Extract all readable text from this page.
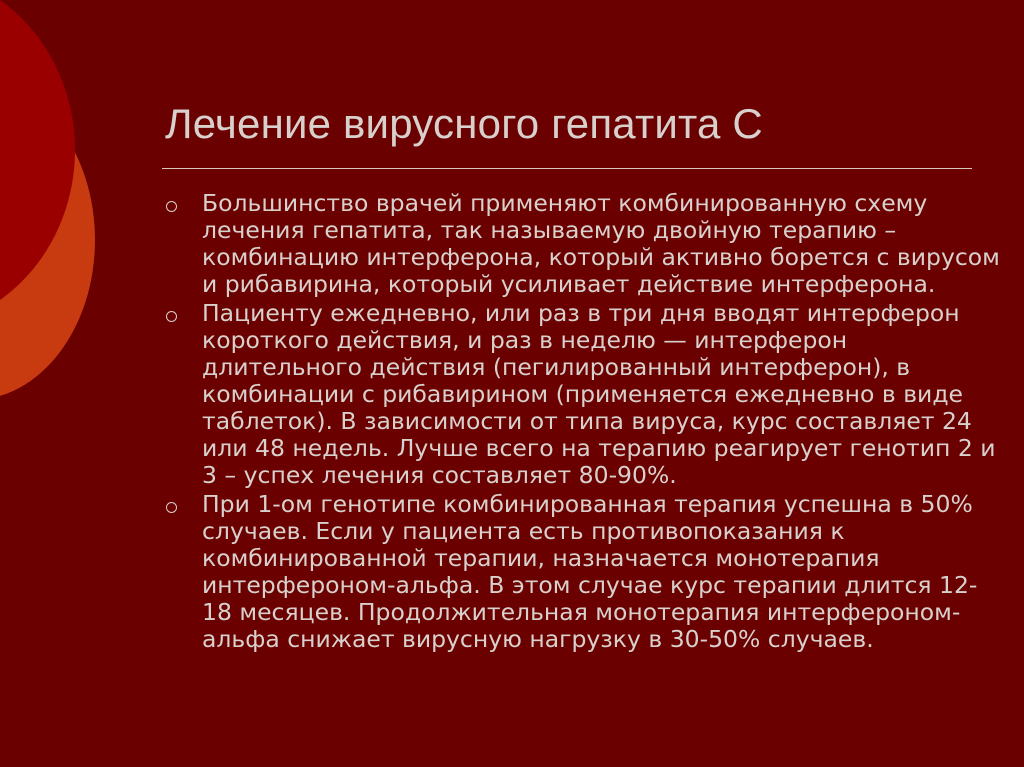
Лечение вирусного гепатита С
Большинство врачей применяют комбинированную схему лечения гепатита, так называемую двойную терапию – комбинацию интерферона, который активно борется с вирусом и рибавирина, который усиливает действие интерферона.
Пациенту ежедневно, или раз в три дня вводят интерферон короткого действия, и раз в неделю — интерферон длительного действия (пегилированный интерферон), в комбинации с рибавирином (применяется ежедневно в виде таблеток). В зависимости от типа вируса, курс составляет 24 или 48 недель. Лучше всего на терапию реагирует генотип 2 и 3 – успех лечения составляет 80-90%.
При 1-ом генотипе комбинированная терапия успешна в 50% случаев. Если у пациента есть противопоказания к комбинированной терапии, назначается монотерапия интерфероном-альфа. В этом случае курс терапии длится 12-18 месяцев. Продолжительная монотерапия интерфероном-альфа снижает вирусную нагрузку в 30-50% случаев.
